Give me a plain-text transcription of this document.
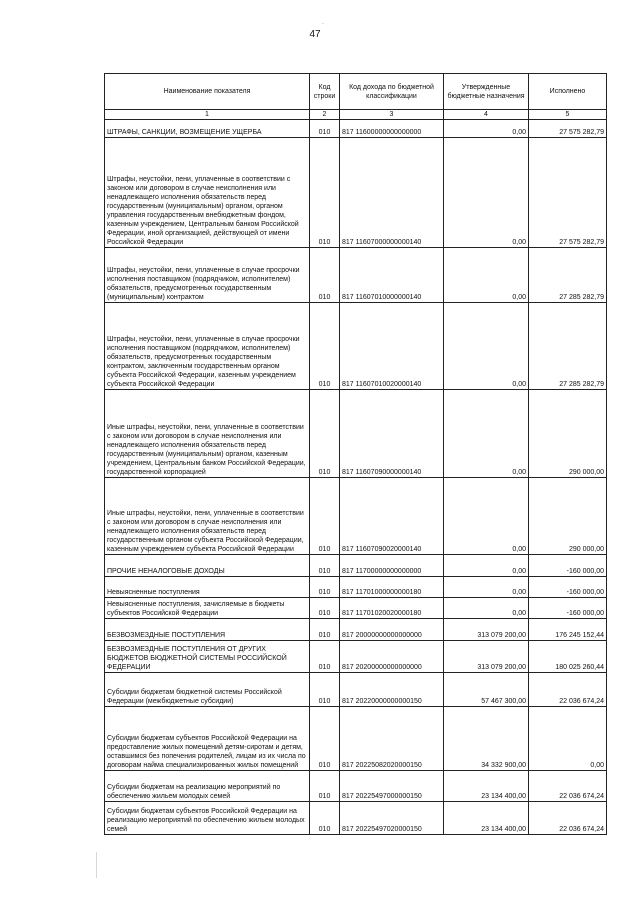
`
47
Наименование показателя	Код строки	Код дохода по бюджетной классификации	Утвержденные бюджетные назначения	Исполнено
1	2	3	4	5
ШТРАФЫ, САНКЦИИ, ВОЗМЕЩЕНИЕ УЩЕРБА	010	817 11600000000000000	0,00	27 575 282,79
Штрафы, неустойки, пени, уплаченные в соответствии с законом или договором в случае неисполнения или ненадлежащего исполнения обязательств перед государственным (муниципальным) органом, органом управления государственным внебюджетным фондом, казенным учреждением, Центральным банком Российской Федерации, иной организацией, действующей от имени Российской Федерации	010	817 11607000000000140	0,00	27 575 282,79
Штрафы, неустойки, пени, уплаченные в случае просрочки исполнения поставщиком (подрядчиком, исполнителем) обязательств, предусмотренных государственным (муниципальным) контрактом	010	817 11607010000000140	0,00	27 285 282,79
Штрафы, неустойки, пени, уплаченные в случае просрочки исполнения поставщиком (подрядчиком, исполнителем) обязательств, предусмотренных государственным контрактом, заключенным государственным органом субъекта Российской Федерации, казенным учреждением субъекта Российской Федерации	010	817 11607010020000140	0,00	27 285 282,79
Иные штрафы, неустойки, пени, уплаченные в соответствии с законом или договором в случае неисполнения или ненадлежащего исполнения обязательств перед государственным (муниципальным) органом, казенным учреждением, Центральным банком Российской Федерации, государственной корпорацией	010	817 11607090000000140	0,00	290 000,00
Иные штрафы, неустойки, пени, уплаченные в соответствии с законом или договором в случае неисполнения или ненадлежащего исполнения обязательств перед государственным органом субъекта Российской Федерации, казенным учреждением субъекта Российской Федерации	010	817 11607090020000140	0,00	290 000,00
ПРОЧИЕ НЕНАЛОГОВЫЕ ДОХОДЫ	010	817 11700000000000000	0,00	-160 000,00
Невыясненные поступления	010	817 11701000000000180	0,00	-160 000,00
Невыясненные поступления, зачисляемые в бюджеты субъектов Российской Федерации	010	817 11701020020000180	0,00	-160 000,00
БЕЗВОЗМЕЗДНЫЕ ПОСТУПЛЕНИЯ	010	817 20000000000000000	313 079 200,00	176 245 152,44
БЕЗВОЗМЕЗДНЫЕ ПОСТУПЛЕНИЯ ОТ ДРУГИХ БЮДЖЕТОВ БЮДЖЕТНОЙ СИСТЕМЫ РОССИЙСКОЙ ФЕДЕРАЦИИ	010	817 20200000000000000	313 079 200,00	180 025 260,44
Субсидии бюджетам бюджетной системы Российской Федерации (межбюджетные субсидии)	010	817 20220000000000150	57 467 300,00	22 036 674,24
Субсидии бюджетам субъектов Российской Федерации на предоставление жилых помещений детям-сиротам и детям, оставшимся без попечения родителей, лицам из их числа по договорам найма специализированных жилых помещений	010	817 20225082020000150	34 332 900,00	0,00
Субсидии бюджетам на реализацию мероприятий по обеспечению жильем молодых семей	010	817 20225497000000150	23 134 400,00	22 036 674,24
Субсидии бюджетам субъектов Российской Федерации на реализацию мероприятий по обеспечению жильем молодых семей	010	817 20225497020000150	23 134 400,00	22 036 674,24
